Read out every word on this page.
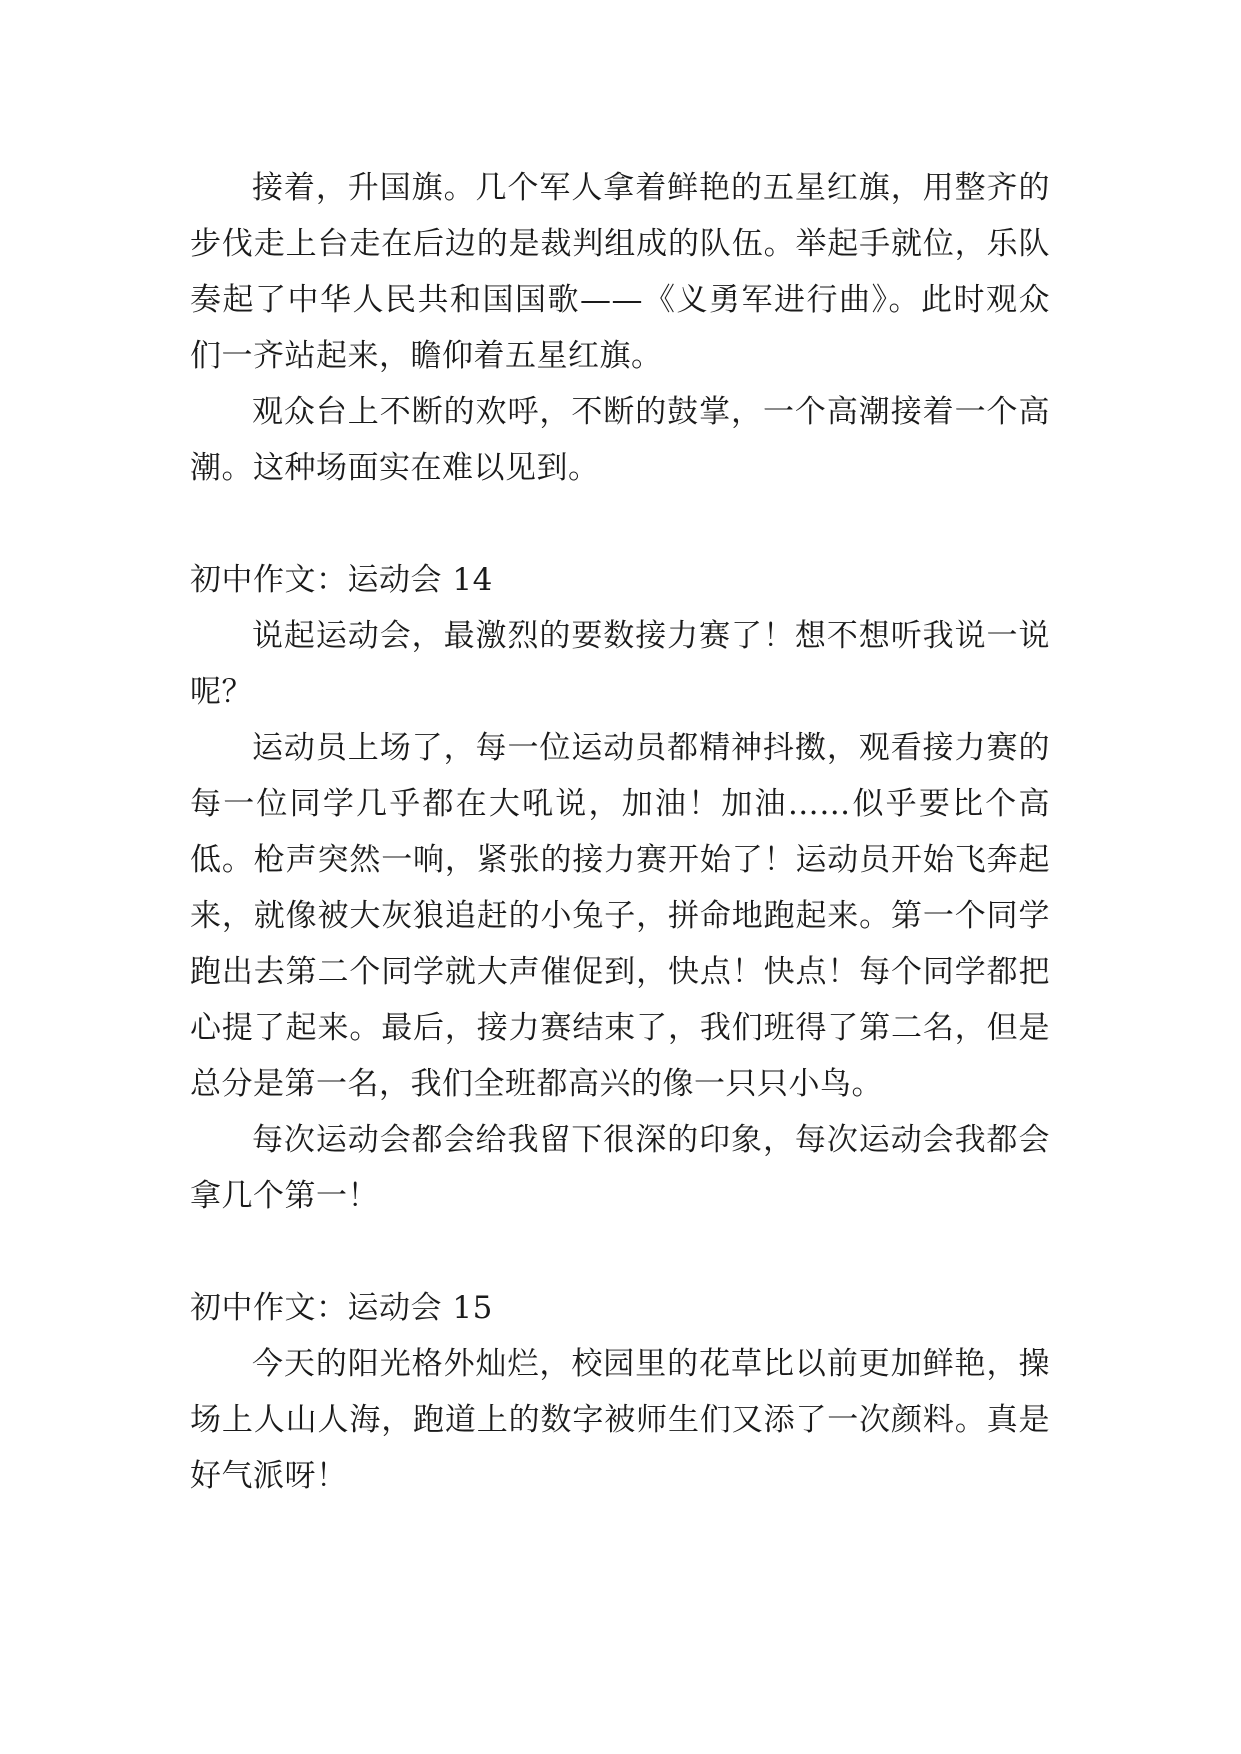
接着，升国旗。几个军人拿着鲜艳的五星红旗，用整齐的步伐走上台走在后边的是裁判组成的队伍。举起手就位，乐队奏起了中华人民共和国国歌——《义勇军进行曲》。此时观众们一齐站起来，瞻仰着五星红旗。

观众台上不断的欢呼，不断的鼓掌，一个高潮接着一个高潮。这种场面实在难以见到。

初中作文：运动会 14

说起运动会，最激烈的要数接力赛了！想不想听我说一说呢？

运动员上场了，每一位运动员都精神抖擞，观看接力赛的每一位同学几乎都在大吼说，加油！加油……似乎要比个高低。枪声突然一响，紧张的接力赛开始了！运动员开始飞奔起来，就像被大灰狼追赶的小兔子，拼命地跑起来。第一个同学跑出去第二个同学就大声催促到，快点！快点！每个同学都把心提了起来。最后，接力赛结束了，我们班得了第二名，但是总分是第一名，我们全班都高兴的像一只只小鸟。

每次运动会都会给我留下很深的印象，每次运动会我都会拿几个第一！

初中作文：运动会 15

今天的阳光格外灿烂，校园里的花草比以前更加鲜艳，操场上人山人海，跑道上的数字被师生们又添了一次颜料。真是好气派呀！
